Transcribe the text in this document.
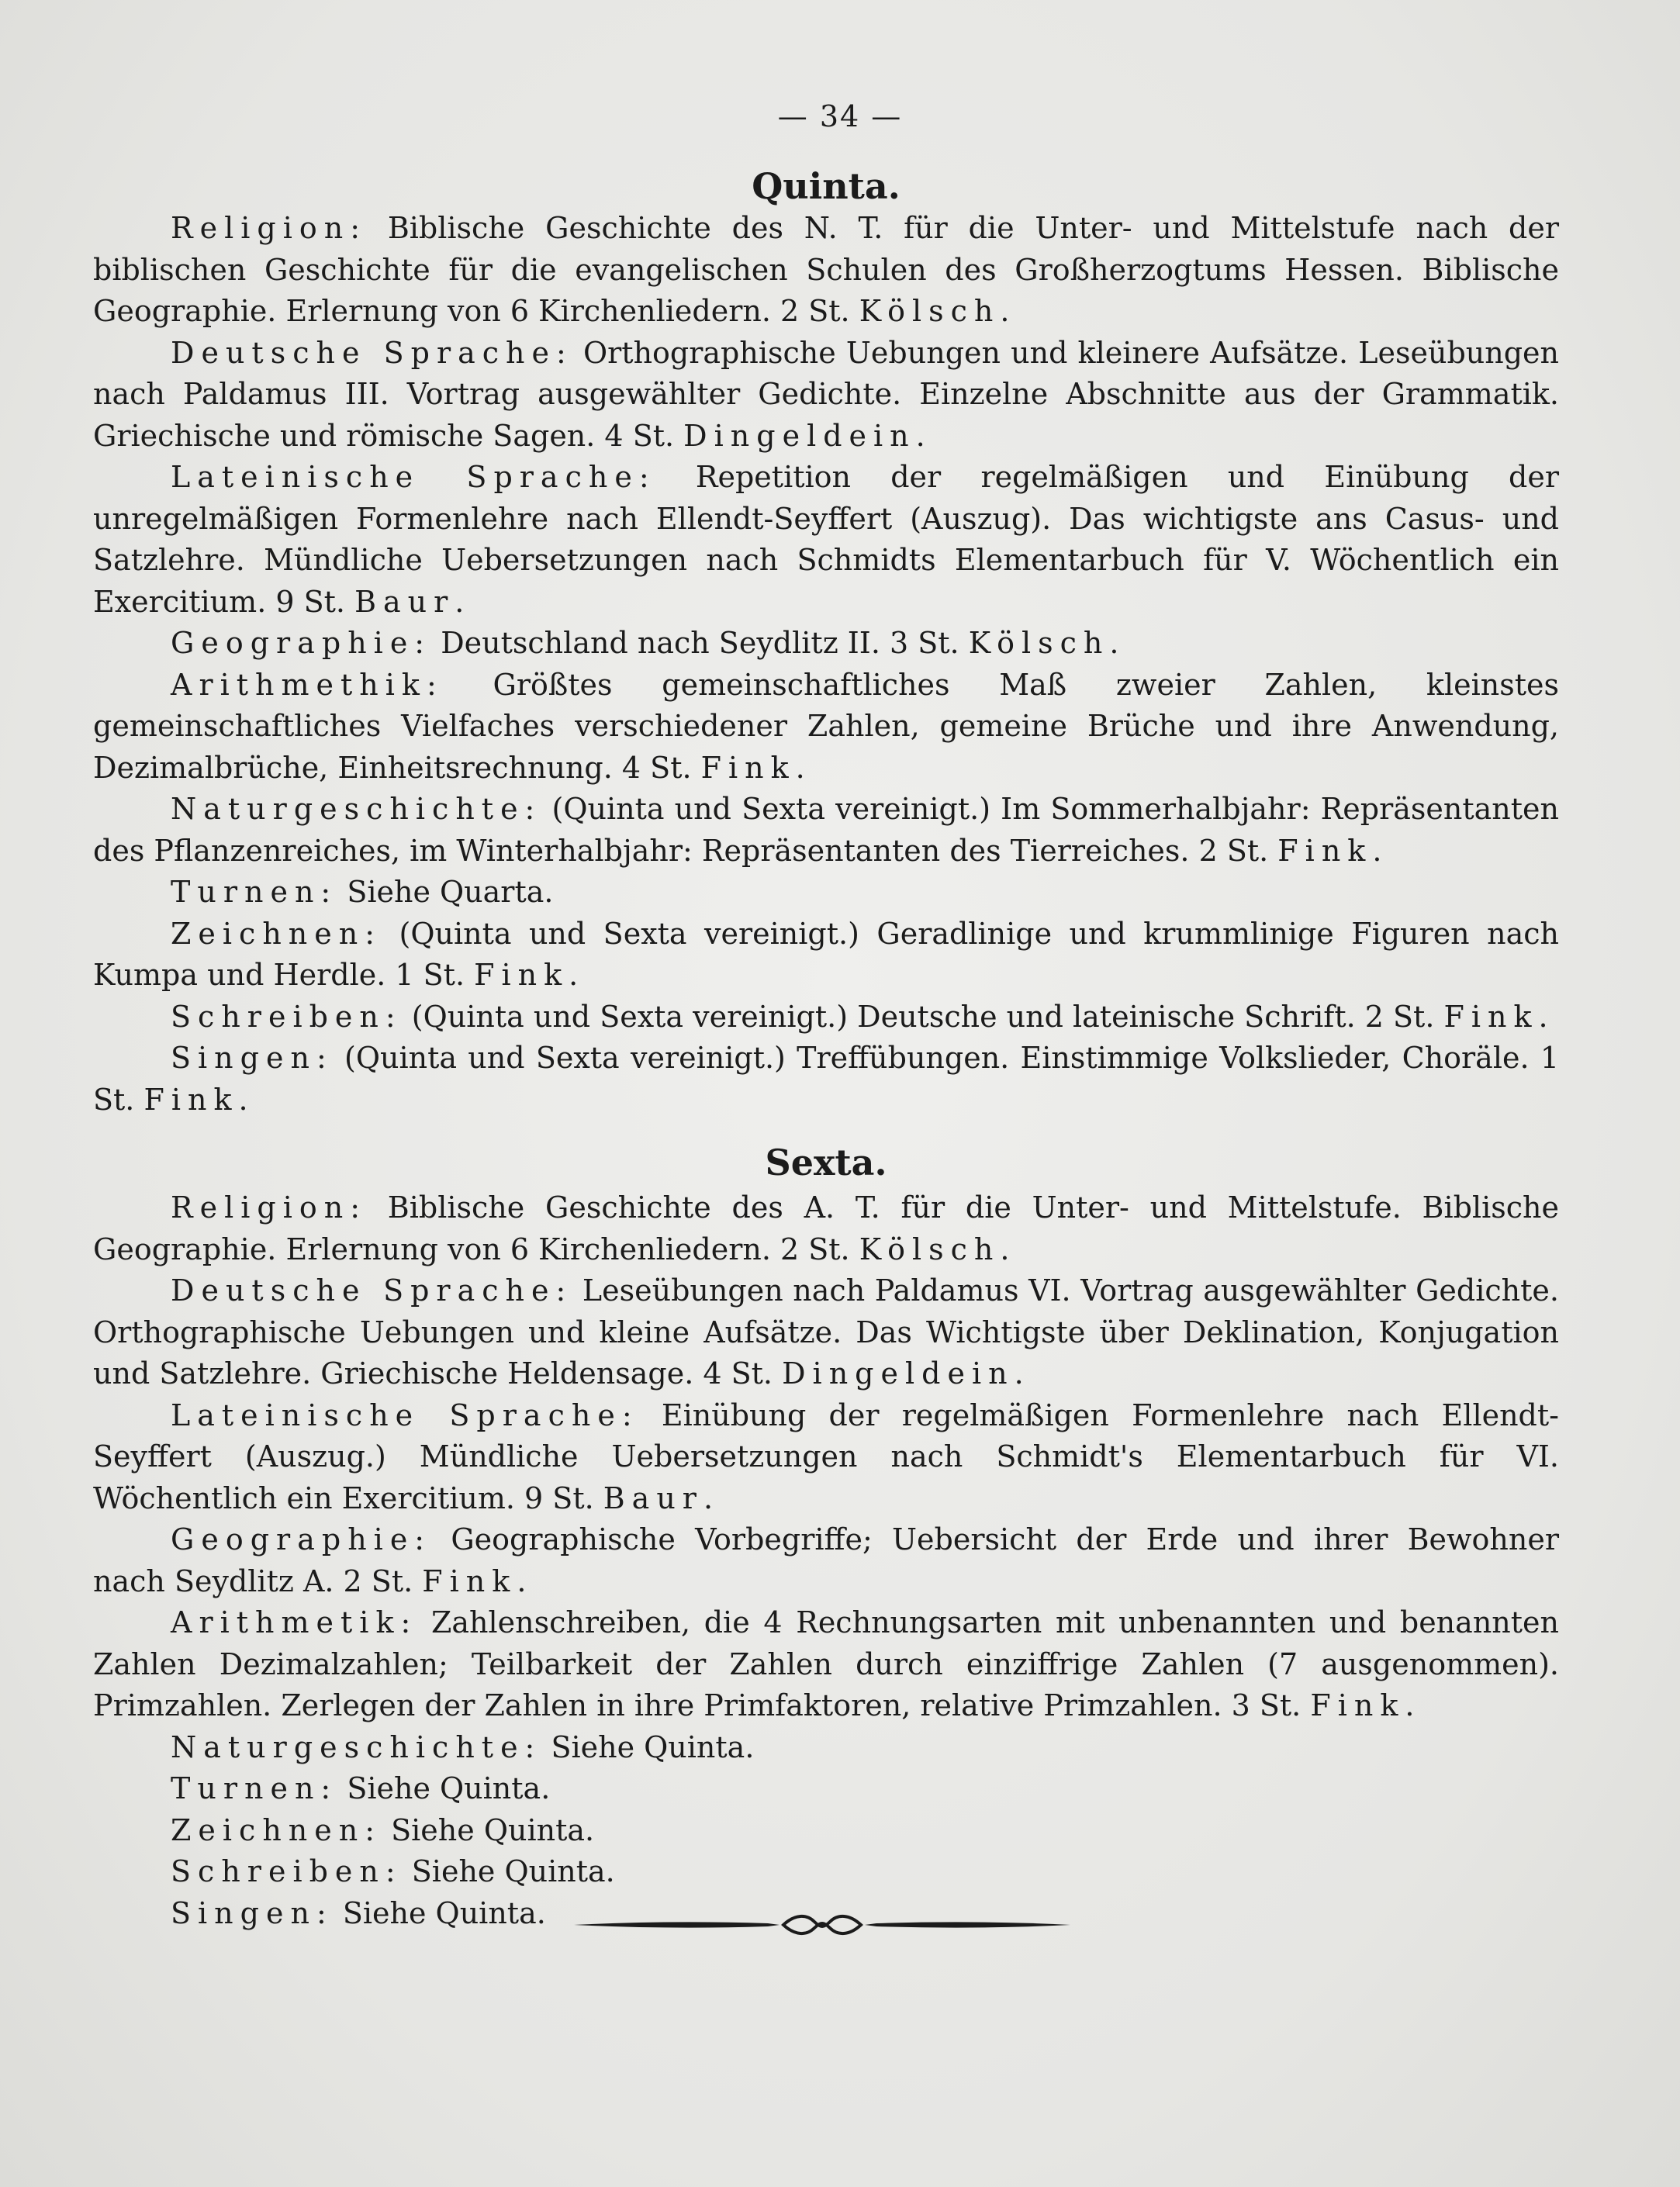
— 34 —
Quinta.

Religion: Biblische Geschichte des N. T. für die Unter- und Mittelstufe nach der biblischen Geschichte für die evangelischen Schulen des Großherzogtums Hessen. Biblische Geographie. Erlernung von 6 Kirchenliedern. 2 St. Kölsch.

Deutsche Sprache: Orthographische Uebungen und kleinere Aufsätze. Leseübungen nach Paldamus III. Vortrag ausgewählter Gedichte. Einzelne Abschnitte aus der Grammatik. Griechische und römische Sagen. 4 St. Dingeldein.

Lateinische Sprache: Repetition der regelmäßigen und Einübung der unregelmäßigen Formenlehre nach Ellendt-Seyffert (Auszug). Das wichtigste ans Casus- und Satzlehre. Mündliche Uebersetzungen nach Schmidts Elementarbuch für V. Wöchentlich ein Exercitium. 9 St. Baur.

Geographie: Deutschland nach Seydlitz II. 3 St. Kölsch.

Arithmethik: Größtes gemeinschaftliches Maß zweier Zahlen, kleinstes gemeinschaftliches Vielfaches verschiedener Zahlen, gemeine Brüche und ihre Anwendung, Dezimalbrüche, Einheitsrechnung. 4 St. Fink.

Naturgeschichte: (Quinta und Sexta vereinigt.) Im Sommerhalbjahr: Repräsentanten des Pflanzenreiches, im Winterhalbjahr: Repräsentanten des Tierreiches. 2 St. Fink.

Turnen: Siehe Quarta.

Zeichnen: (Quinta und Sexta vereinigt.) Geradlinige und krummlinige Figuren nach Kumpa und Herdle. 1 St. Fink.

Schreiben: (Quinta und Sexta vereinigt.) Deutsche und lateinische Schrift. 2 St. Fink.

Singen: (Quinta und Sexta vereinigt.) Treffübungen. Einstimmige Volkslieder, Choräle. 1 St. Fink.

Sexta.

Religion: Biblische Geschichte des A. T. für die Unter- und Mittelstufe. Biblische Geographie. Erlernung von 6 Kirchenliedern. 2 St. Kölsch.

Deutsche Sprache: Leseübungen nach Paldamus VI. Vortrag ausgewählter Gedichte. Orthographische Uebungen und kleine Aufsätze. Das Wichtigste über Deklination, Konjugation und Satzlehre. Griechische Heldensage. 4 St. Dingeldein.

Lateinische Sprache: Einübung der regelmäßigen Formenlehre nach Ellendt-Seyffert (Auszug.) Mündliche Uebersetzungen nach Schmidt's Elementarbuch für VI. Wöchentlich ein Exercitium. 9 St. Baur.

Geographie: Geographische Vorbegriffe; Uebersicht der Erde und ihrer Bewohner nach Seydlitz A. 2 St. Fink.

Arithmetik: Zahlenschreiben, die 4 Rechnungsarten mit unbenannten und benannten Zahlen Dezimalzahlen; Teilbarkeit der Zahlen durch einziffrige Zahlen (7 ausgenommen). Primzahlen. Zerlegen der Zahlen in ihre Primfaktoren, relative Primzahlen. 3 St. Fink.

Naturgeschichte: Siehe Quinta.

Turnen: Siehe Quinta.

Zeichnen: Siehe Quinta.

Schreiben: Siehe Quinta.

Singen: Siehe Quinta.
